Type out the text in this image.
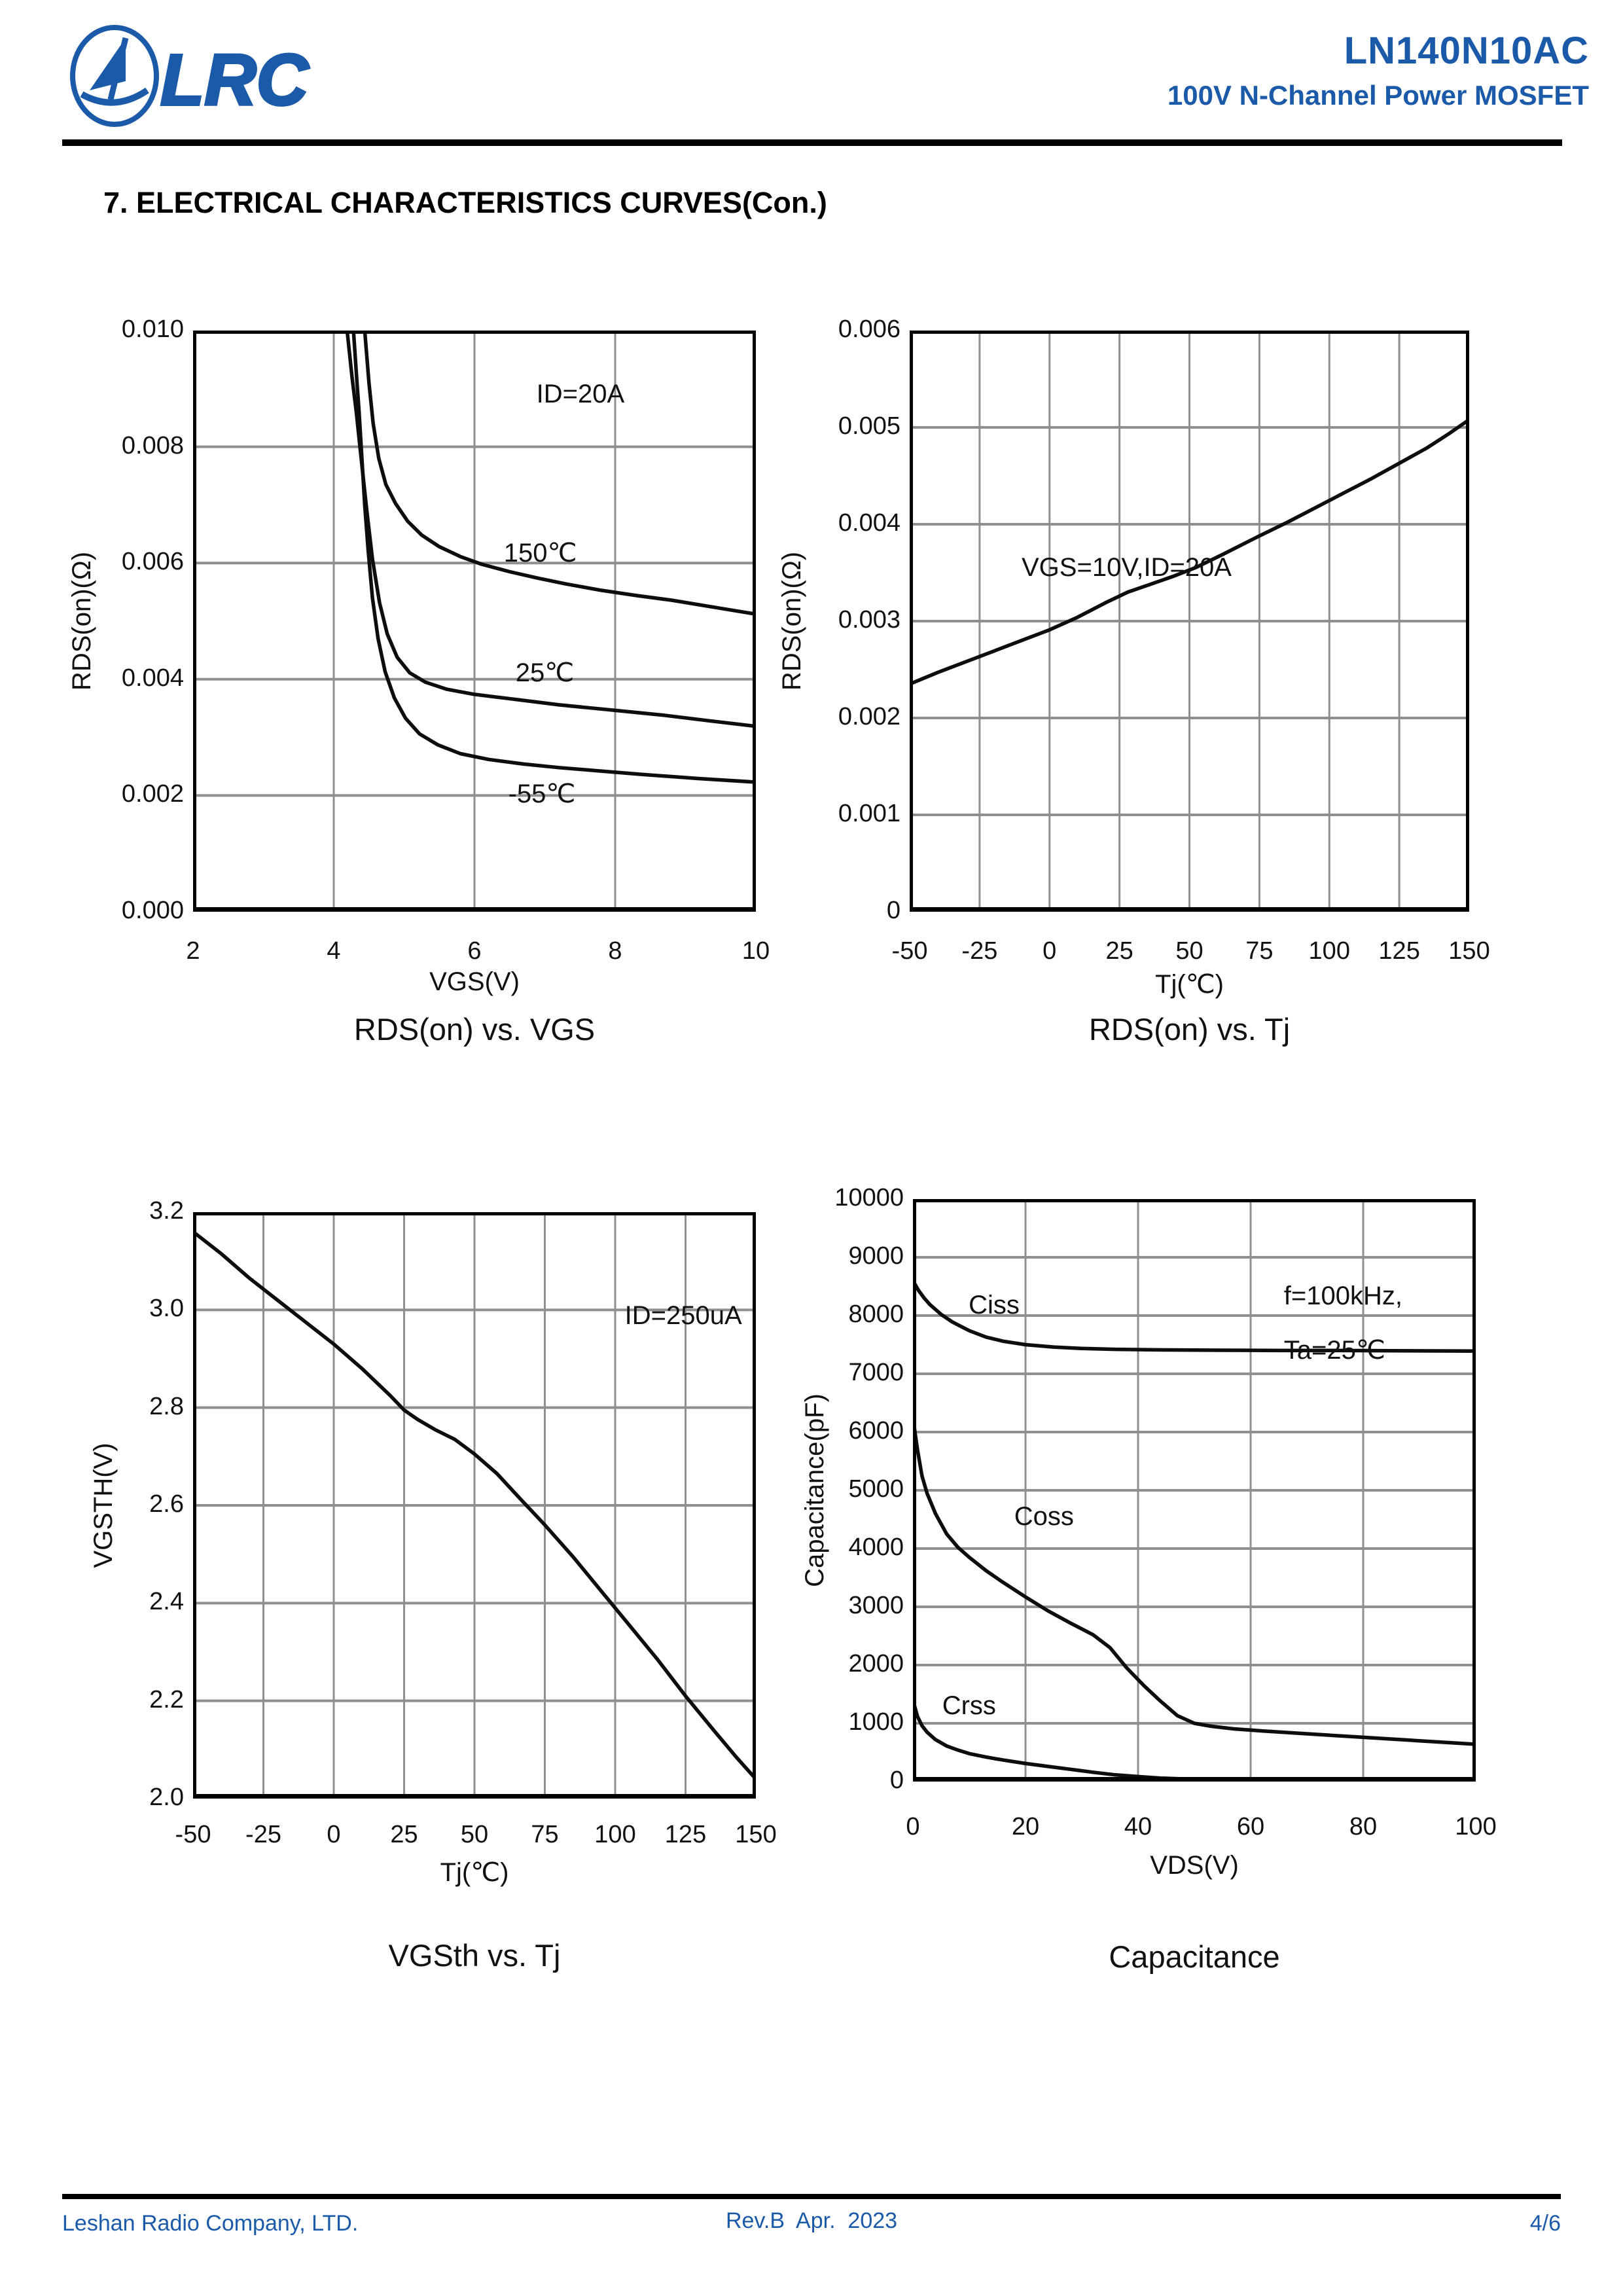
LRC	LN140N10AC
100V N-Channel Power MOSFET
7. ELECTRICAL CHARACTERISTICS CURVES(Con.)
RDS(on)(Ω)
VGS(V)
RDS(on) vs. VGS
2	4	6	8	10
0.000
0.002
0.004
0.006
0.008
0.010
ID=20A
150℃
25℃
-55℃
RDS(on)(Ω)
Tj(℃)
RDS(on) vs. Tj
-50 -25 0 25 50 75 100 125 150
0
0.001
0.002
0.003
0.004
0.005
0.006
VGS=10V,ID=20A
VGSTH(V)
Tj(℃)
VGSth vs. Tj
-50 -25 0 25 50 75 100 125 150
2.0
2.2
2.4
2.6
2.8
3.0
3.2
ID=250uA
Capacitance(pF)
VDS(V)
Capacitance
0	20	40	60	80	100
0
1000
2000
3000
4000
5000
6000
7000
8000
9000
10000
f=100kHz,
Ta=25℃
Ciss
Coss
Crss
Leshan Radio Company, LTD.	Rev.B  Apr.  2023	4/6
